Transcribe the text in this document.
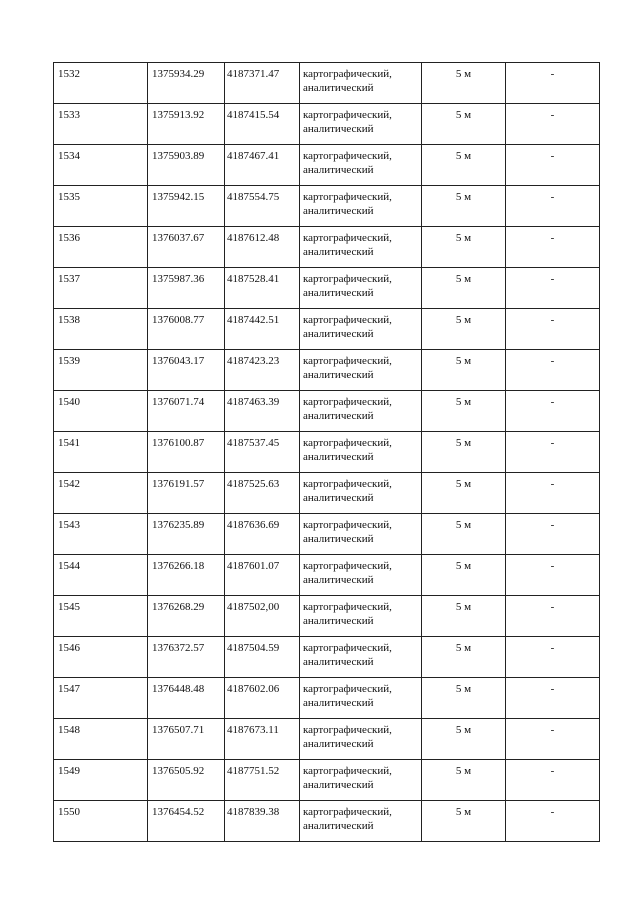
1532	1375934.29	4187371.47	картографический, аналитический	5 м	-
1533	1375913.92	4187415.54	картографический, аналитический	5 м	-
1534	1375903.89	4187467.41	картографический, аналитический	5 м	-
1535	1375942.15	4187554.75	картографический, аналитический	5 м	-
1536	1376037.67	4187612.48	картографический, аналитический	5 м	-
1537	1375987.36	4187528.41	картографический, аналитический	5 м	-
1538	1376008.77	4187442.51	картографический, аналитический	5 м	-
1539	1376043.17	4187423.23	картографический, аналитический	5 м	-
1540	1376071.74	4187463.39	картографический, аналитический	5 м	-
1541	1376100.87	4187537.45	картографический, аналитический	5 м	-
1542	1376191.57	4187525.63	картографический, аналитический	5 м	-
1543	1376235.89	4187636.69	картографический, аналитический	5 м	-
1544	1376266.18	4187601.07	картографический, аналитический	5 м	-
1545	1376268.29	4187502,00	картографический, аналитический	5 м	-
1546	1376372.57	4187504.59	картографический, аналитический	5 м	-
1547	1376448.48	4187602.06	картографический, аналитический	5 м	-
1548	1376507.71	4187673.11	картографический, аналитический	5 м	-
1549	1376505.92	4187751.52	картографический, аналитический	5 м	-
1550	1376454.52	4187839.38	картографический, аналитический	5 м	-
